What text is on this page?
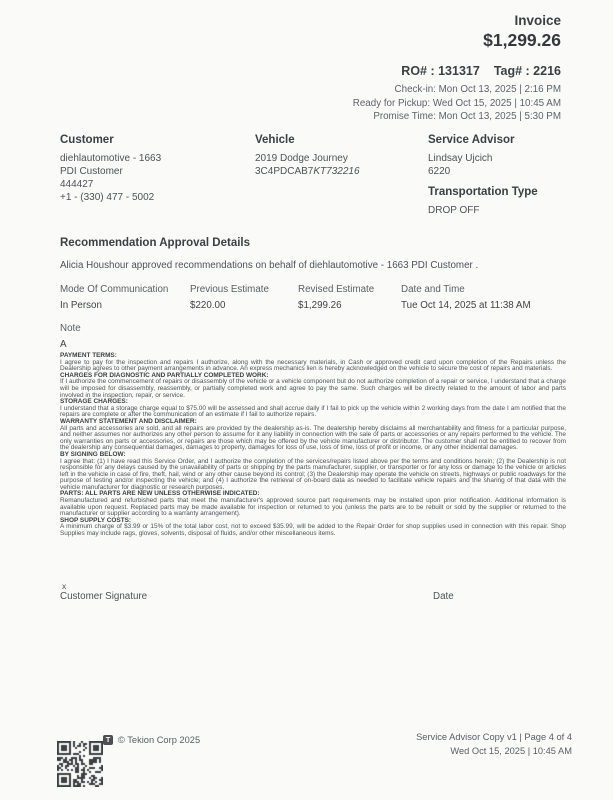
Invoice
$1,299.26
RO# : 131317 Tag# : 2216
Check-in: Mon Oct 13, 2025 | 2:16 PM
Ready for Pickup: Wed Oct 15, 2025 | 10:45 AM
Promise Time: Mon Oct 13, 2025 | 5:30 PM
Customer
diehlautomotive - 1663
PDI Customer
444427
+1 - (330) 477 - 5002
Vehicle
2019 Dodge Journey
3C4PDCAB7KT732216
Service Advisor
Lindsay Ujcich
6220
Transportation Type
DROP OFF
Recommendation Approval Details
Alicia Houshour approved recommendations on behalf of diehlautomotive - 1663 PDI Customer .
Mode Of Communication
In Person
Previous Estimate
$220.00
Revised Estimate
$1,299.26
Date and Time
Tue Oct 14, 2025 at 11:38 AM
Note
A
PAYMENT TERMS:
I agree to pay for the inspection and repairs I authorize, along with the necessary materials, in Cash or approved credit card upon completion of the Repairs unless the Dealership agrees to other payment arrangements in advance. An express mechanics lien is hereby acknowledged on the vehicle to secure the cost of repairs and materials.
CHARGES FOR DIAGNOSTIC AND PARTIALLY COMPLETED WORK:
If I authorize the commencement of repairs or disassembly of the vehicle or a vehicle component but do not authorize completion of a repair or service, I understand that a charge will be imposed for disassembly, reassembly, or partially completed work and agree to pay the same. Such charges will be directly related to the amount of labor and parts involved in the inspection, repair, or service.
STORAGE CHARGES:
I understand that a storage charge equal to $75.00 will be assessed and shall accrue daily if I fail to pick up the vehicle within 2 working days from the date I am notified that the repairs are complete or after the communication of an estimate if I fail to authorize repairs.
WARRANTY STATEMENT AND DISCLAIMER:
All parts and accessories are sold, and all repairs are provided by the dealership as-is. The dealership hereby disclaims all merchantability and fitness for a particular purpose, and neither assumes nor authorizes any other person to assume for it any liability in connection with the sale of parts or accessories or any repairs performed to the vehicle. The only warranties on parts or accessories, or repairs are those which may be offered by the vehicle manufacturer or distributor. The customer shall not be entitled to recover from the dealership any consequential damages, damages to property, damages for loss of use, loss of time, loss of profit or income, or any other incidental damages.
BY SIGNING BELOW:
I agree that: (1) I have read this Service Order, and I authorize the completion of the services/repairs listed above per the terms and conditions herein; (2) the Dealership is not responsible for any delays caused by the unavailability of parts or shipping by the parts manufacturer, supplier, or transporter or for any loss or damage to the vehicle or articles left in the vehicle in case of fire, theft, hail, wind or any other cause beyond its control; (3) the Dealership may operate the vehicle on streets, highways or public roadways for the purpose of testing and/or inspecting the vehicle; and (4) I authorize the retrieval of on-board data as needed to facilitate vehicle repairs and the sharing of that data with the vehicle manufacturer for diagnostic or research purposes.
PARTS: ALL PARTS ARE NEW UNLESS OTHERWISE INDICATED:
Remanufactured and refurbished parts that meet the manufacturer's approved source part requirements may be installed upon prior notification. Additional information is available upon request. Replaced parts may be made available for inspection or returned to you (unless the parts are to be rebuilt or sold by the supplier or returned to the manufacturer or supplier according to a warranty arrangement).
SHOP SUPPLY COSTS:
A minimum charge of $3.99 or 15% of the total labor cost, not to exceed $35.99, will be added to the Repair Order for shop supplies used in connection with this repair. Shop Supplies may include rags, gloves, solvents, disposal of fluids, and/or other miscellaneous items.
x
Customer Signature	Date
T © Tekion Corp 2025	Service Advisor Copy v1 | Page 4 of 4
Wed Oct 15, 2025 | 10:45 AM
